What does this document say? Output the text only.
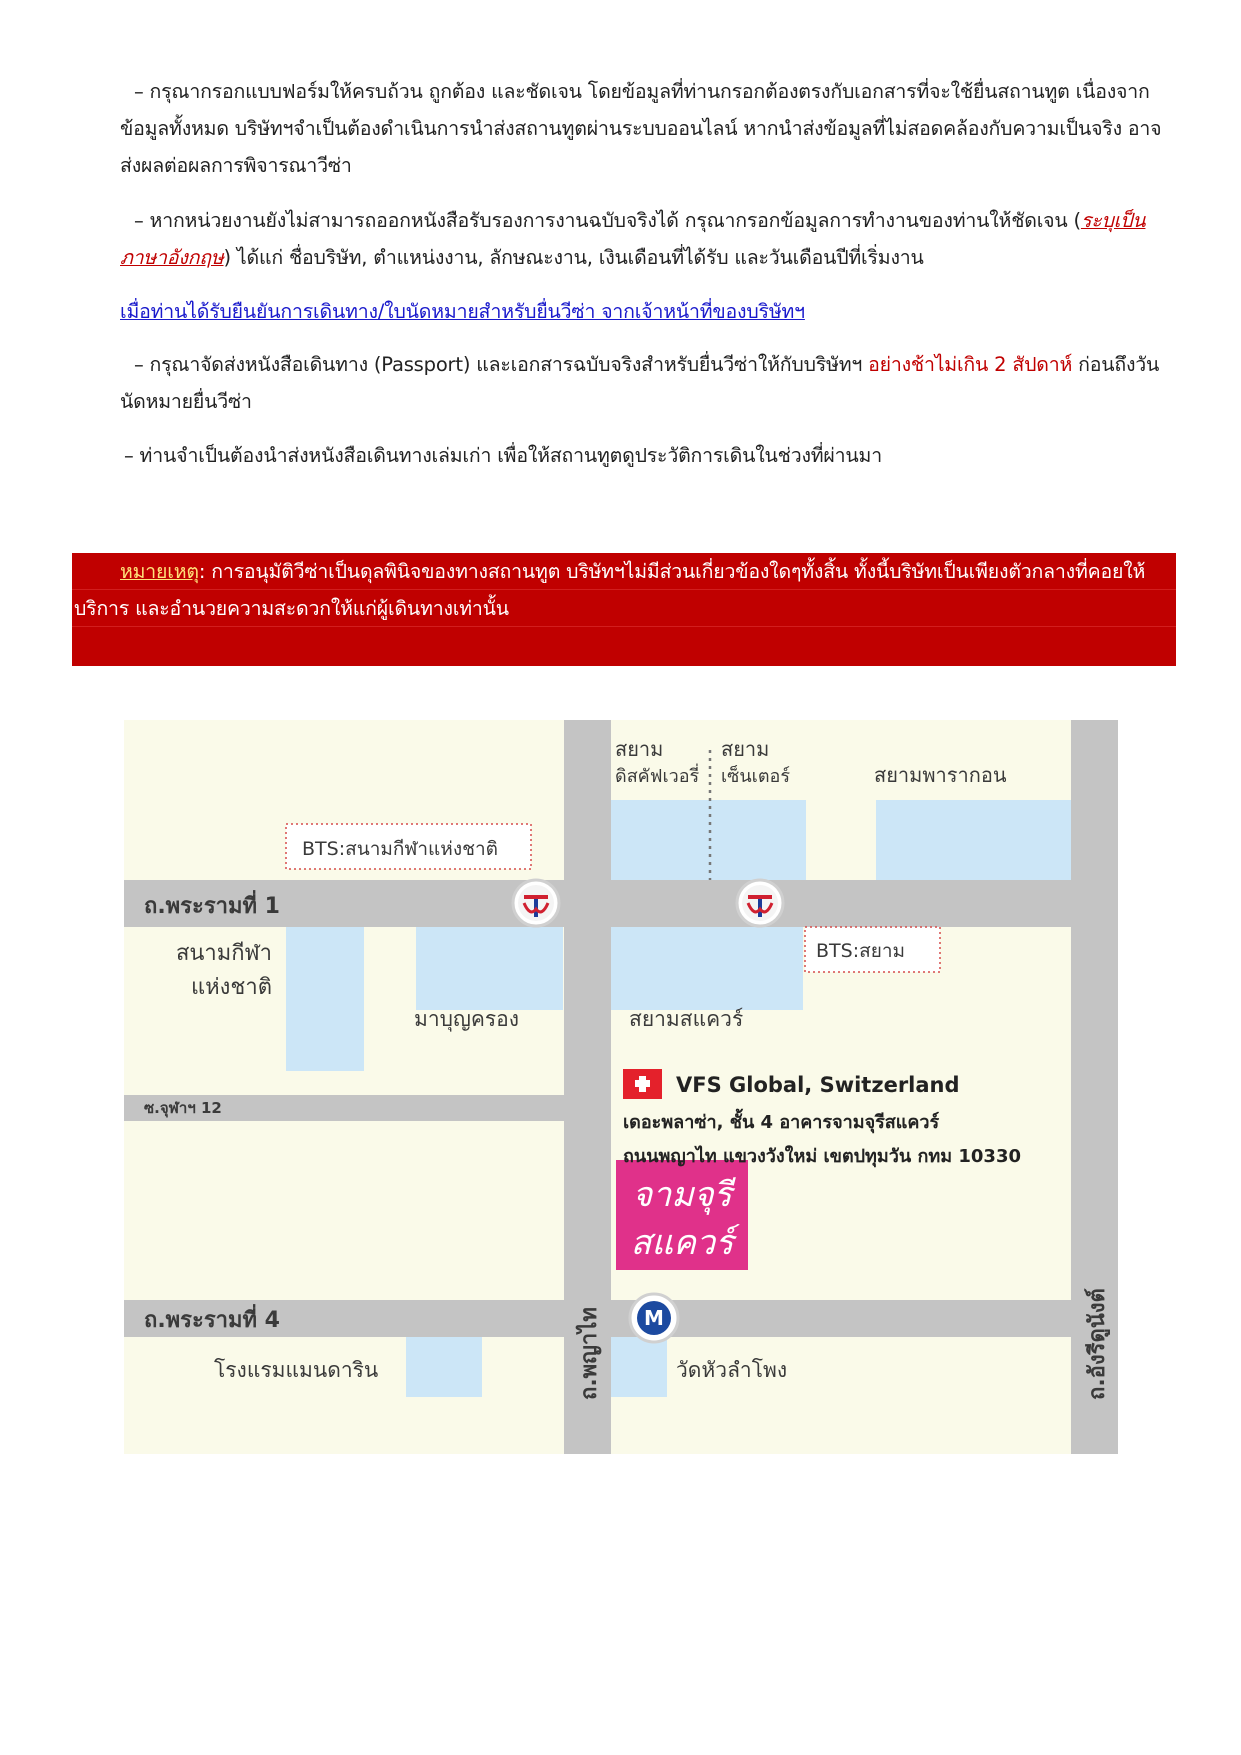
– กรุณากรอกแบบฟอร์มให้ครบถ้วน ถูกต้อง และชัดเจน โดยข้อมูลที่ท่านกรอกต้องตรงกับเอกสารที่จะใช้ยื่นสถานทูต เนื่องจากข้อมูลทั้งหมด บริษัทฯจำเป็นต้องดำเนินการนำส่งสถานทูตผ่านระบบออนไลน์ หากนำส่งข้อมูลที่ไม่สอดคล้องกับความเป็นจริง อาจส่งผลต่อผลการพิจารณาวีซ่า
– หากหน่วยงานยังไม่สามารถออกหนังสือรับรองการงานฉบับจริงได้ กรุณากรอกข้อมูลการทำงานของท่านให้ชัดเจน (ระบุเป็นภาษาอังกฤษ) ได้แก่ ชื่อบริษัท, ตำแหน่งงาน, ลักษณะงาน, เงินเดือนที่ได้รับ และวันเดือนปีที่เริ่มงาน
เมื่อท่านได้รับยืนยันการเดินทาง/ใบนัดหมายสำหรับยื่นวีซ่า จากเจ้าหน้าที่ของบริษัทฯ
– กรุณาจัดส่งหนังสือเดินทาง (Passport) และเอกสารฉบับจริงสำหรับยื่นวีซ่าให้กับบริษัทฯ อย่างช้าไม่เกิน 2 สัปดาห์ ก่อนถึงวันนัดหมายยื่นวีซ่า
– ท่านจำเป็นต้องนำส่งหนังสือเดินทางเล่มเก่า เพื่อให้สถานทูตดูประวัติการเดินในช่วงที่ผ่านมา
หมายเหตุ: การอนุมัติวีซ่าเป็นดุลพินิจของทางสถานทูต บริษัทฯไม่มีส่วนเกี่ยวข้องใดๆทั้งสิ้น ทั้งนี้บริษัทเป็นเพียงตัวกลางที่คอยให้บริการ และอำนวยความสะดวกให้แก่ผู้เดินทางเท่านั้น
M
จามจุรี
สแควร์
VFS Global, Switzerland
เดอะพลาซ่า, ชั้น 4 อาคารจามจุรีสแควร์
ถนนพญาไท แขวงวังใหม่ เขตปทุมวัน กทม 10330
สยาม
ดิสคัฟเวอรี่
สยาม
เซ็นเตอร์	สยามพารากอน
BTS:สนามกีฬาแห่งชาติ
ถ.พระรามที่ 1
BTS:สยาม
สนามกีฬา
แห่งชาติ
มาบุญครอง	สยามสแควร์
ซ.จุฬาฯ 12
ถ.พระรามที่ 4
โรงแรมแมนดาริน	วัดหัวลำโพง
ถ.พญาไท	ถ.อังรีดูนังต์
